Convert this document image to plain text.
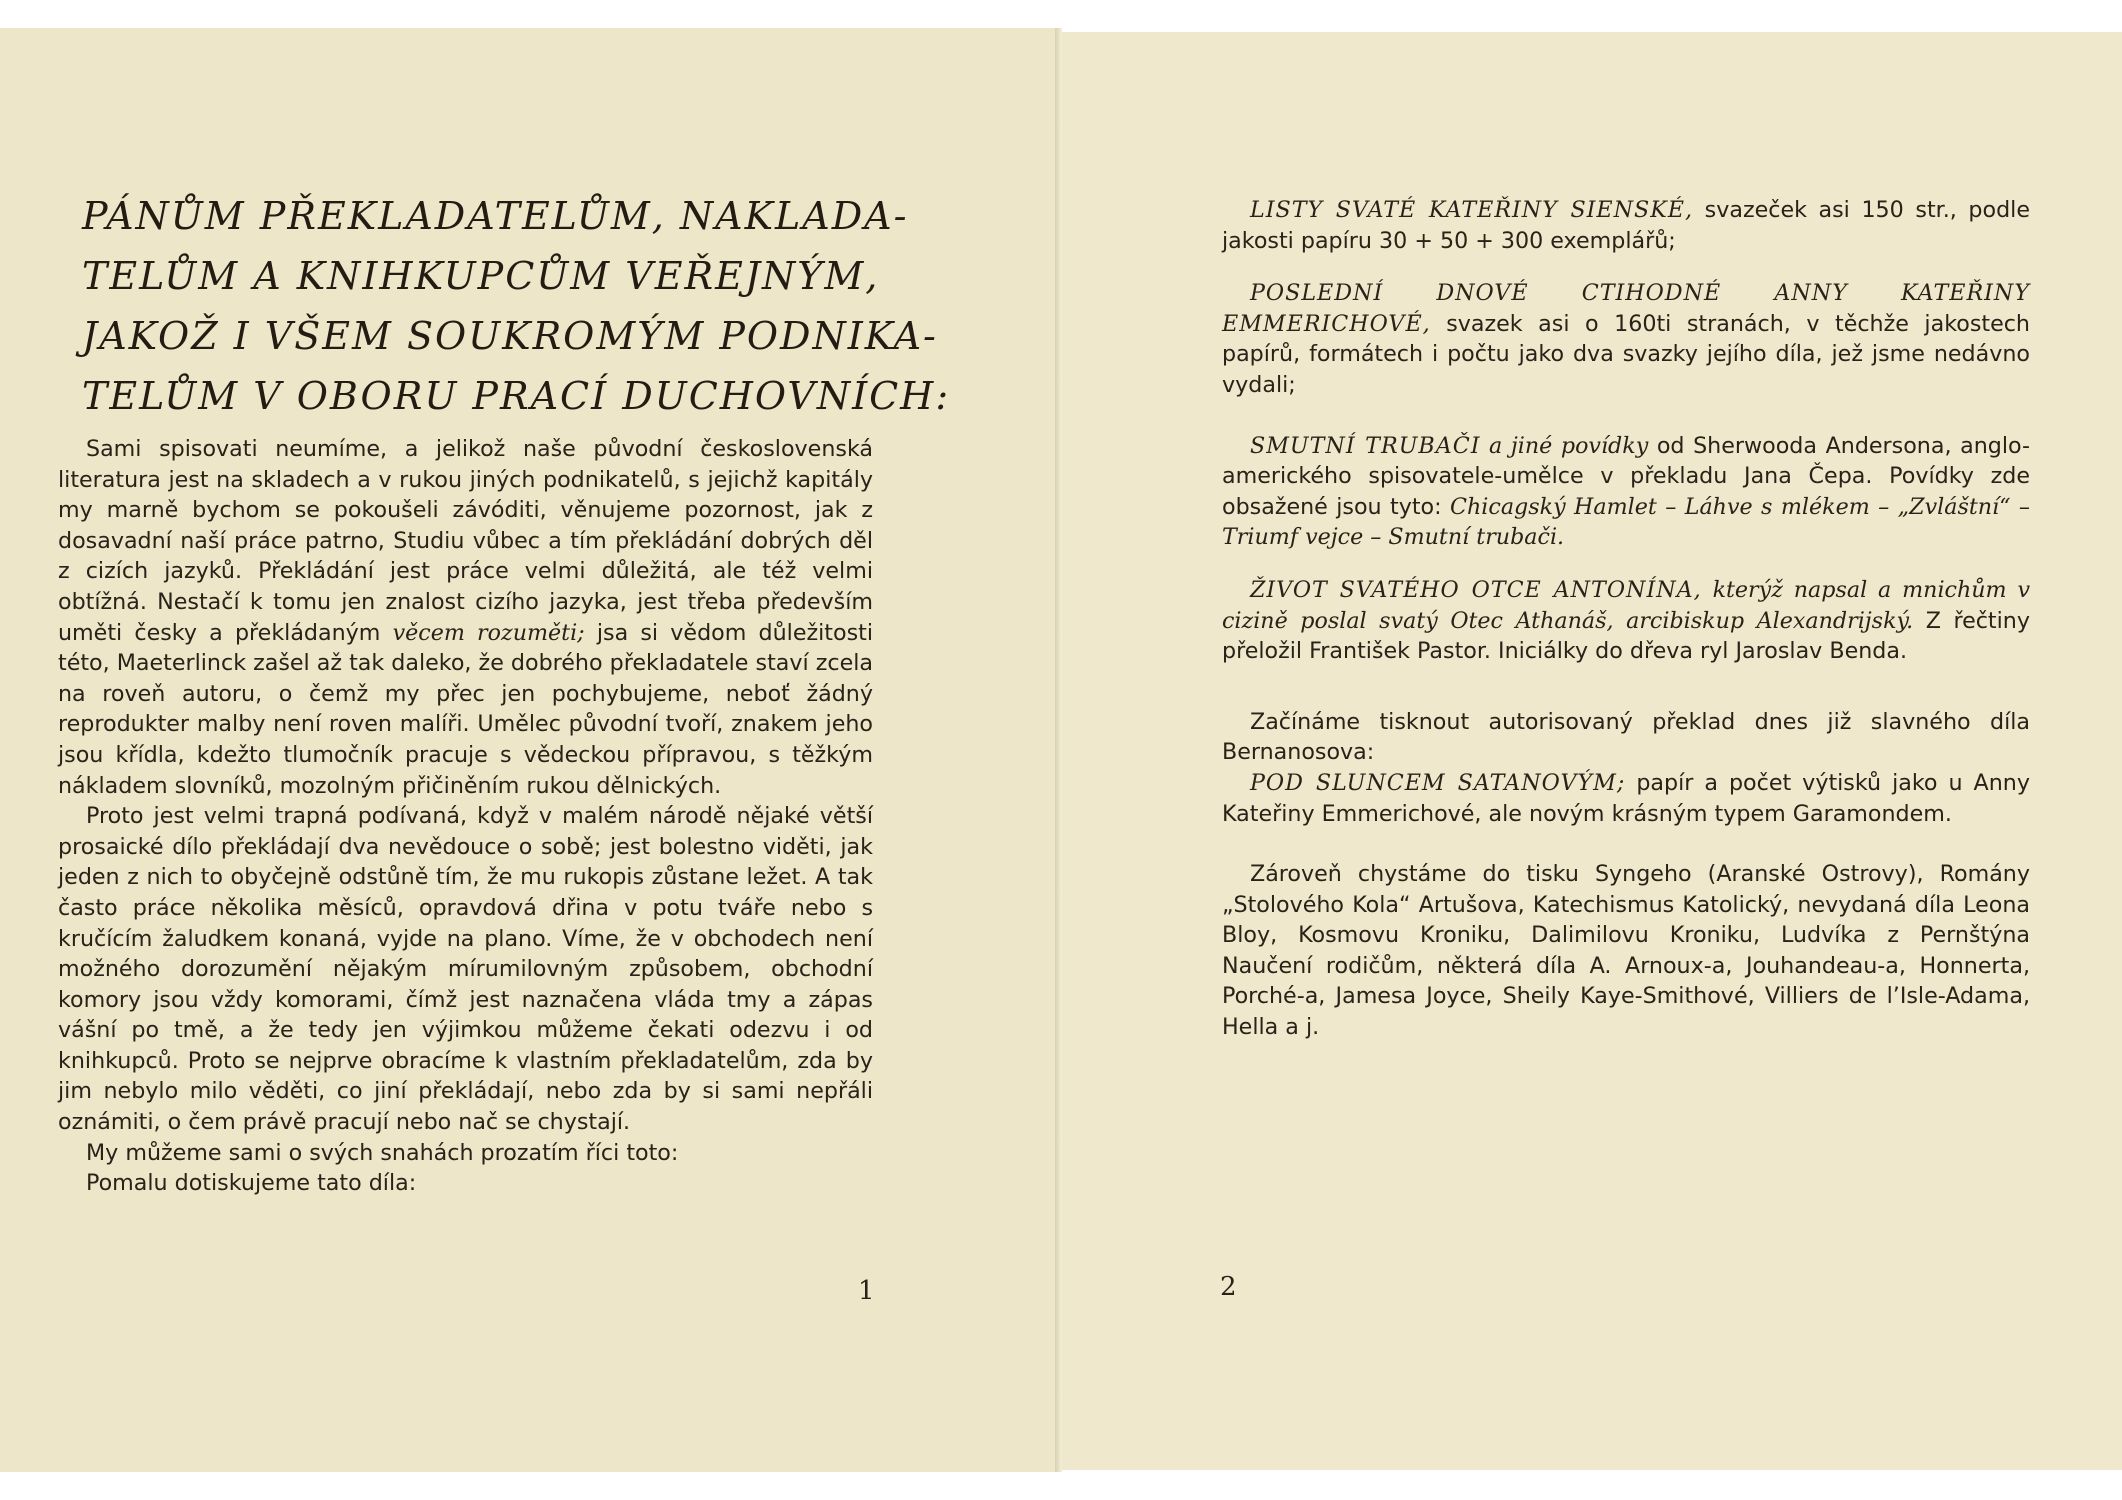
PÁNŮM PŘEKLADATELŮM, NAKLADA-
TELŮM A KNIHKUPCŮM VEŘEJNÝM,
JAKOŽ I VŠEM SOUKROMÝM PODNIKA-
TELŮM V OBORU PRACÍ DUCHOVNÍCH:

Sami spisovati neumíme, a jelikož naše původní československá literatura jest na skladech a v rukou jiných podnikatelů, s jejichž kapitály my marně bychom se pokoušeli závóditi, věnujeme pozornost, jak z dosavadní naší práce patrno, Studiu vůbec a tím překládání dobrých děl z cizích jazyků. Překládání jest práce velmi důležitá, ale též velmi obtížná. Nestačí k tomu jen znalost cizího jazyka, jest třeba především uměti česky a překládaným věcem rozuměti; jsa si vědom důležitosti této, Maeterlinck zašel až tak daleko, že dobrého překladatele staví zcela na roveň autoru, o čemž my přec jen pochybujeme, neboť žádný reprodukter malby není roven malíři. Umělec původní tvoří, znakem jeho jsou křídla, kdežto tlumočník pracuje s vědeckou přípravou, s těžkým nákladem slovníků, mozolným přičiněním rukou dělnických.

Proto jest velmi trapná podívaná, když v malém národě nějaké větší prosaické dílo překládají dva nevědouce o sobě; jest bolestno viděti, jak jeden z nich to obyčejně odstůně tím, že mu rukopis zůstane ležet. A tak často práce několika měsíců, opravdová dřina v potu tváře nebo s kručícím žaludkem konaná, vyjde na plano. Víme, že v obchodech není možného dorozumění nějakým mírumilovným způsobem, obchodní komory jsou vždy komorami, čímž jest naznačena vláda tmy a zápas vášní po tmě, a že tedy jen výjimkou můžeme čekati odezvu i od knihkupců. Proto se nejprve obracíme k vlastním překladatelům, zda by jim nebylo milo věděti, co jiní překládají, nebo zda by si sami nepřáli oznámiti, o čem právě pracují nebo nač se chystají.

My můžeme sami o svých snahách prozatím říci toto:

Pomalu dotiskujeme tato díla:

1

LISTY SVATÉ KATEŘINY SIENSKÉ, svazeček asi 150 str., podle jakosti papíru 30 + 50 + 300 exemplářů;

POSLEDNÍ DNOVÉ CTIHODNÉ ANNY KATEŘINY EMMERICHOVÉ, svazek asi o 160ti stranách, v těchže jakostech papírů, formátech i počtu jako dva svazky jejího díla, jež jsme nedávno vydali;

SMUTNÍ TRUBAČI a jiné povídky od Sherwooda Andersona, anglo-amerického spisovatele-umělce v překladu Jana Čepa. Povídky zde obsažené jsou tyto: Chicagský Hamlet – Láhve s mlékem – „Zvláštní“ – Triumf vejce – Smutní trubači.

ŽIVOT SVATÉHO OTCE ANTONÍNA, kterýž napsal a mnichům v cizině poslal svatý Otec Athanáš, arcibiskup Alexandrijský. Z řečtiny přeložil František Pastor. Iniciálky do dřeva ryl Jaroslav Benda.

Začínáme tisknout autorisovaný překlad dnes již slavného díla Bernanosova:

POD SLUNCEM SATANOVÝM; papír a počet výtisků jako u Anny Kateřiny Emmerichové, ale novým krásným typem Garamondem.

Zároveň chystáme do tisku Syngeho (Aranské Ostrovy), Romány „Stolového Kola“ Artušova, Katechismus Katolický, nevydaná díla Leona Bloy, Kosmovu Kroniku, Dalimilovu Kroniku, Ludvíka z Pernštýna Naučení rodičům, některá díla A. Arnoux-a, Jouhandeau-a, Honnerta, Porché-a, Jamesa Joyce, Sheily Kaye-Smithové, Villiers de l’Isle-Adama, Hella a j.

2
